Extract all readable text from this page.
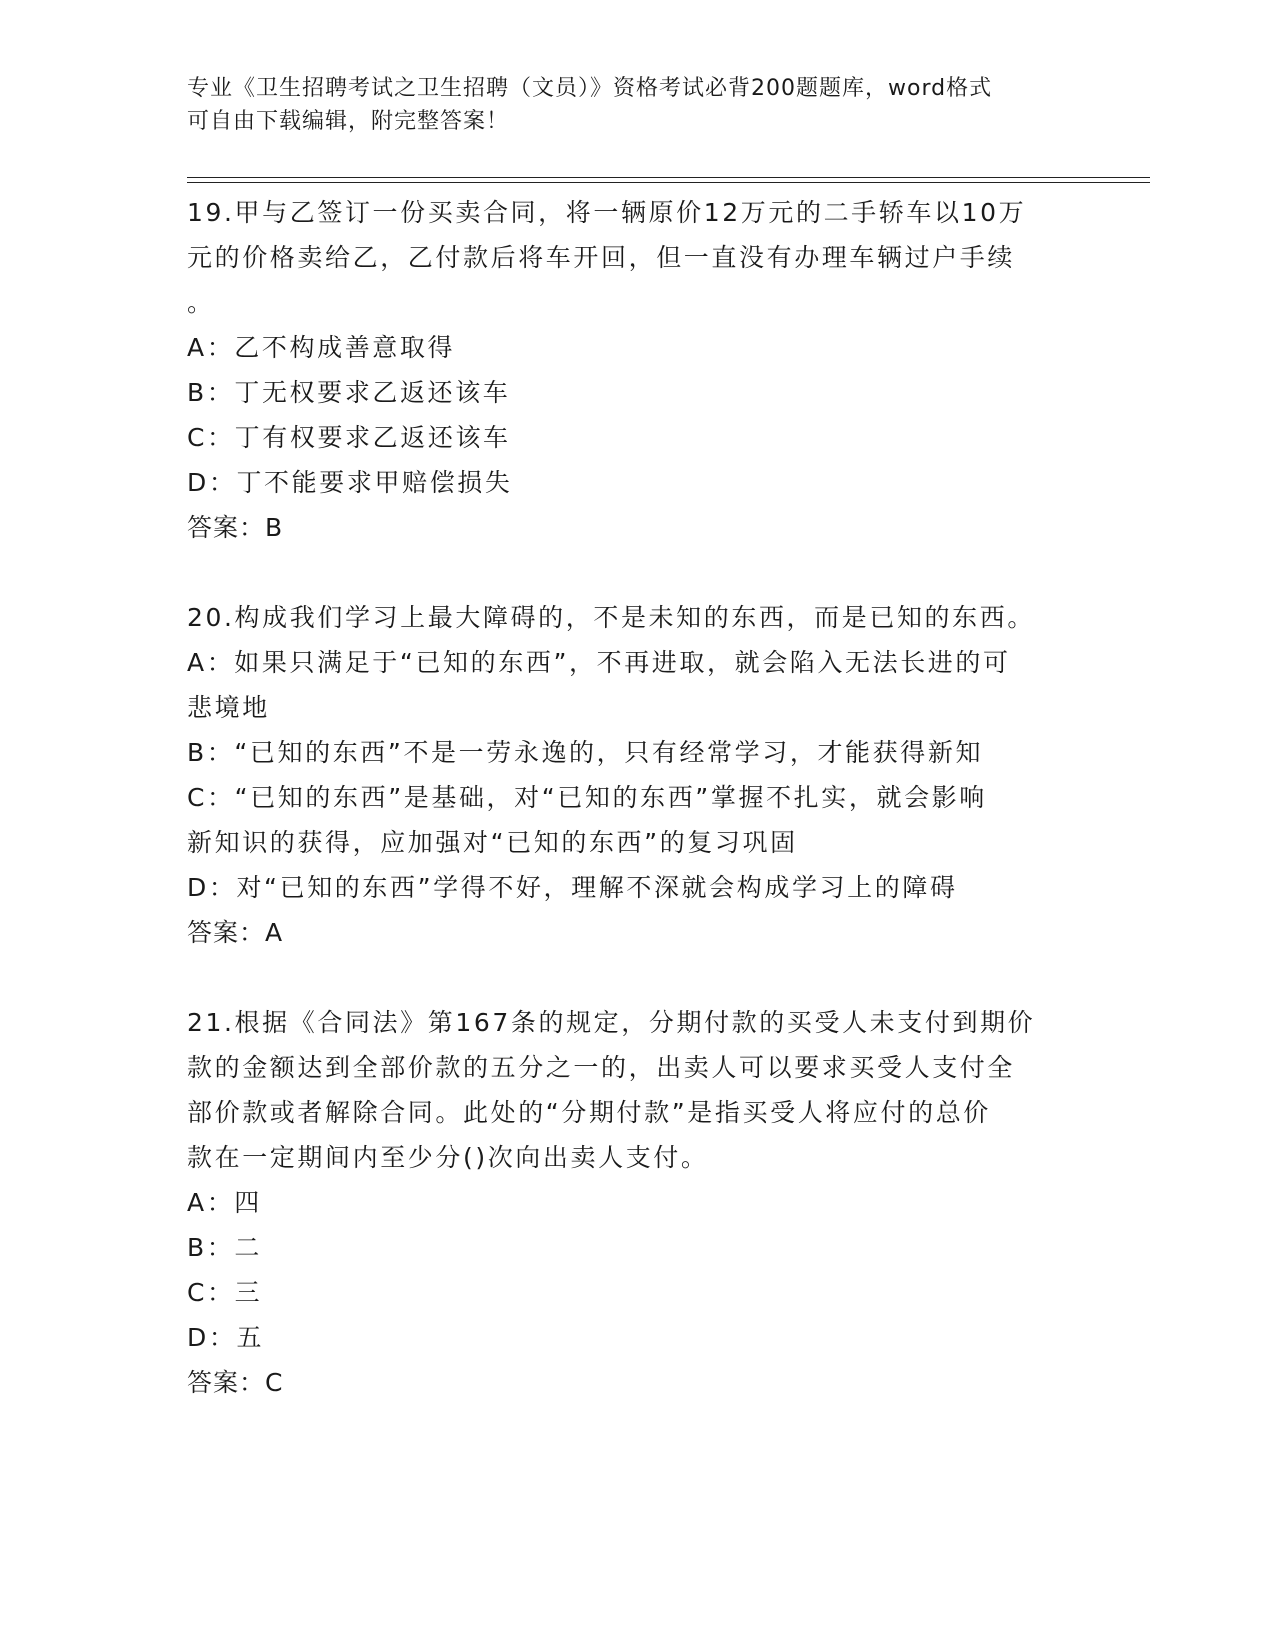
专业《卫生招聘考试之卫生招聘（文员）》资格考试必背200题题库，word格式
可自由下载编辑，附完整答案！
19.甲与乙签订一份买卖合同，将一辆原价12万元的二手轿车以10万
元的价格卖给乙，乙付款后将车开回，但一直没有办理车辆过户手续
。
A：乙不构成善意取得
B：丁无权要求乙返还该车
C：丁有权要求乙返还该车
D：丁不能要求甲赔偿损失
答案：B
20.构成我们学习上最大障碍的，不是未知的东西，而是已知的东西。
A：如果只满足于“已知的东西”，不再进取，就会陷入无法长进的可
悲境地
B：“已知的东西”不是一劳永逸的，只有经常学习，才能获得新知
C：“已知的东西”是基础，对“已知的东西”掌握不扎实，就会影响
新知识的获得，应加强对“已知的东西”的复习巩固
D：对“已知的东西”学得不好，理解不深就会构成学习上的障碍
答案：A
21.根据《合同法》第167条的规定，分期付款的买受人未支付到期价
款的金额达到全部价款的五分之一的，出卖人可以要求买受人支付全
部价款或者解除合同。此处的“分期付款”是指买受人将应付的总价
款在一定期间内至少分()次向出卖人支付。
A：四
B：二
C：三
D：五
答案：C
